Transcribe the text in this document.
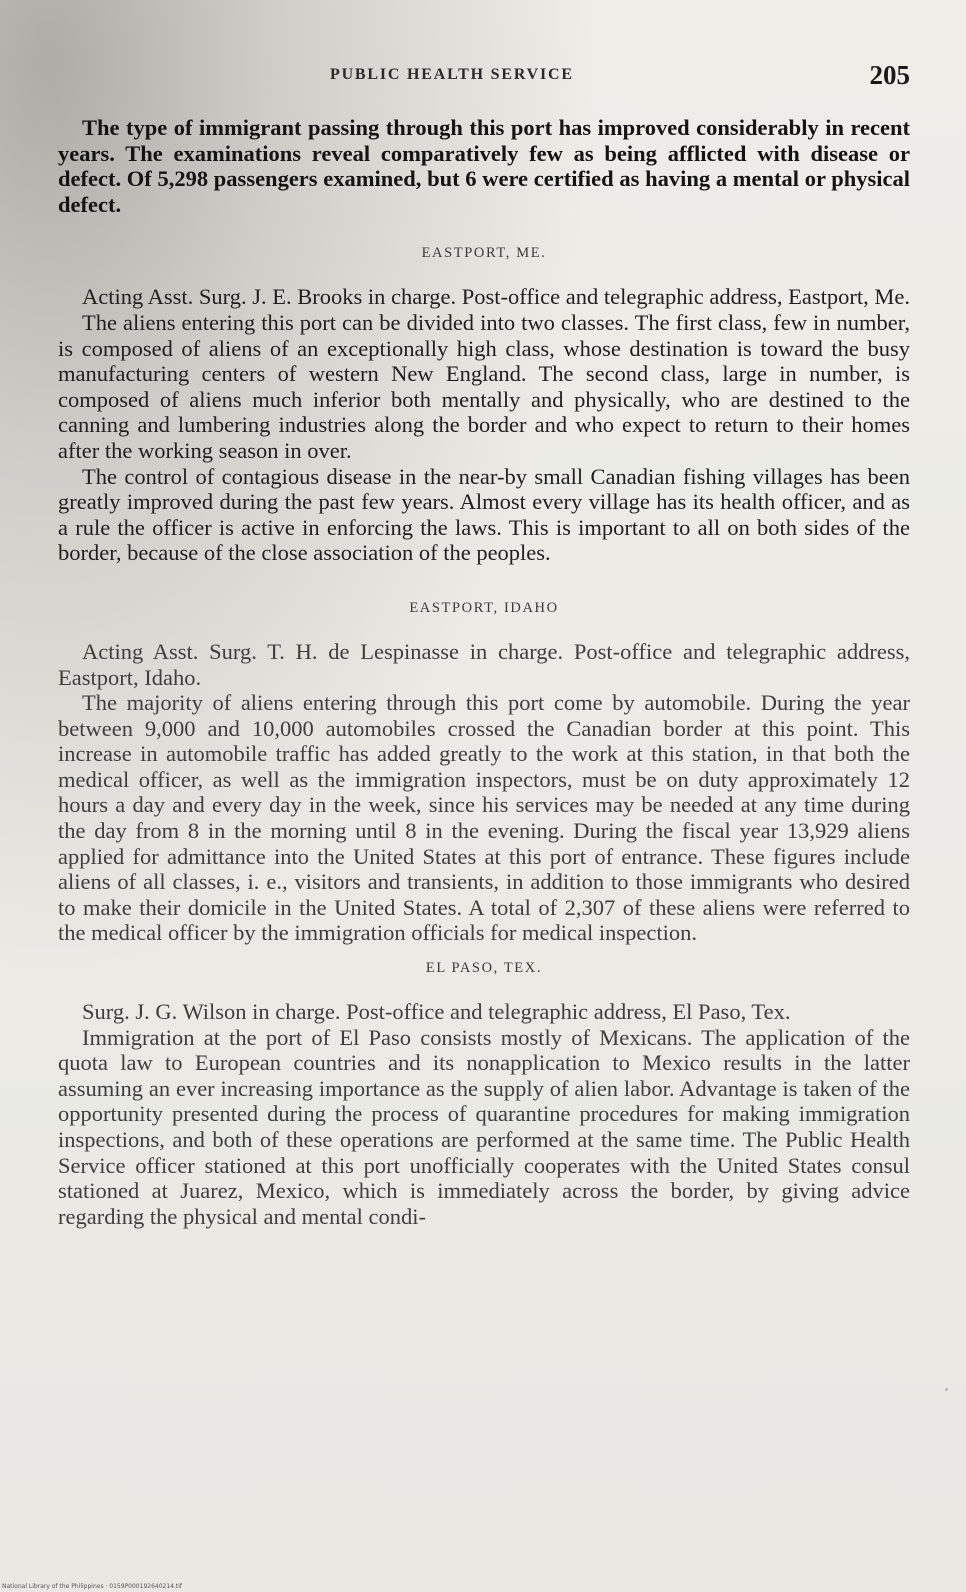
PUBLIC HEALTH SERVICE	205

The type of immigrant passing through this port has improved considerably in recent years. The examinations reveal comparatively few as being afflicted with disease or defect. Of 5,298 passengers examined, but 6 were certified as having a mental or physical defect.

EASTPORT, ME.

Acting Asst. Surg. J. E. Brooks in charge. Post-office and telegraphic address, Eastport, Me.

The aliens entering this port can be divided into two classes. The first class, few in number, is composed of aliens of an exceptionally high class, whose destination is toward the busy manufacturing centers of western New England. The second class, large in number, is composed of aliens much inferior both mentally and physically, who are destined to the canning and lumbering industries along the border and who expect to return to their homes after the working season in over.

The control of contagious disease in the near-by small Canadian fishing villages has been greatly improved during the past few years. Almost every village has its health officer, and as a rule the officer is active in enforcing the laws. This is important to all on both sides of the border, because of the close association of the peoples.

EASTPORT, IDAHO

Acting Asst. Surg. T. H. de Lespinasse in charge. Post-office and telegraphic address, Eastport, Idaho.

The majority of aliens entering through this port come by automobile. During the year between 9,000 and 10,000 automobiles crossed the Canadian border at this point. This increase in automobile traffic has added greatly to the work at this station, in that both the medical officer, as well as the immigration inspectors, must be on duty approximately 12 hours a day and every day in the week, since his services may be needed at any time during the day from 8 in the morning until 8 in the evening. During the fiscal year 13,929 aliens applied for admittance into the United States at this port of entrance. These figures include aliens of all classes, i. e., visitors and transients, in addition to those immigrants who desired to make their domicile in the United States. A total of 2,307 of these aliens were referred to the medical officer by the immigration officials for medical inspection.

EL PASO, TEX.

Surg. J. G. Wilson in charge. Post-office and telegraphic address, El Paso, Tex.

Immigration at the port of El Paso consists mostly of Mexicans. The application of the quota law to European countries and its nonapplication to Mexico results in the latter assuming an ever increasing importance as the supply of alien labor. Advantage is taken of the opportunity presented during the process of quarantine procedures for making immigration inspections, and both of these operations are performed at the same time. The Public Health Service officer stationed at this port unofficially cooperates with the United States consul stationed at Juarez, Mexico, which is immediately across the border, by giving advice regarding the physical and mental condi-

National Library of the Philippines · 0159P000192640214.tif
